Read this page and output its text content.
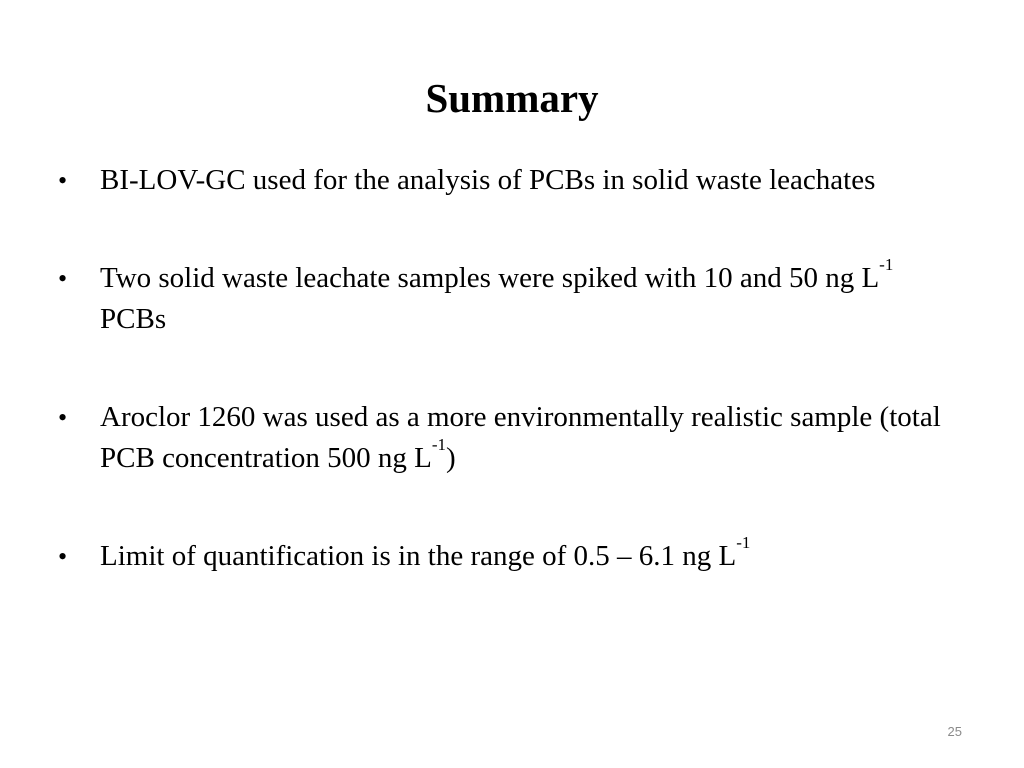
Summary
•	BI-LOV-GC used for the analysis of PCBs in solid waste leachates
•	Two solid waste leachate samples were spiked with 10 and 50 ng $L^{-1}$ PCBs
•	Aroclor 1260 was used as a more environmentally realistic sample (total PCB concentration 500 ng $L^{-1}$)
•	Limit of quantification is in the range of 0.5 – 6.1 ng $L^{-1}$
25
